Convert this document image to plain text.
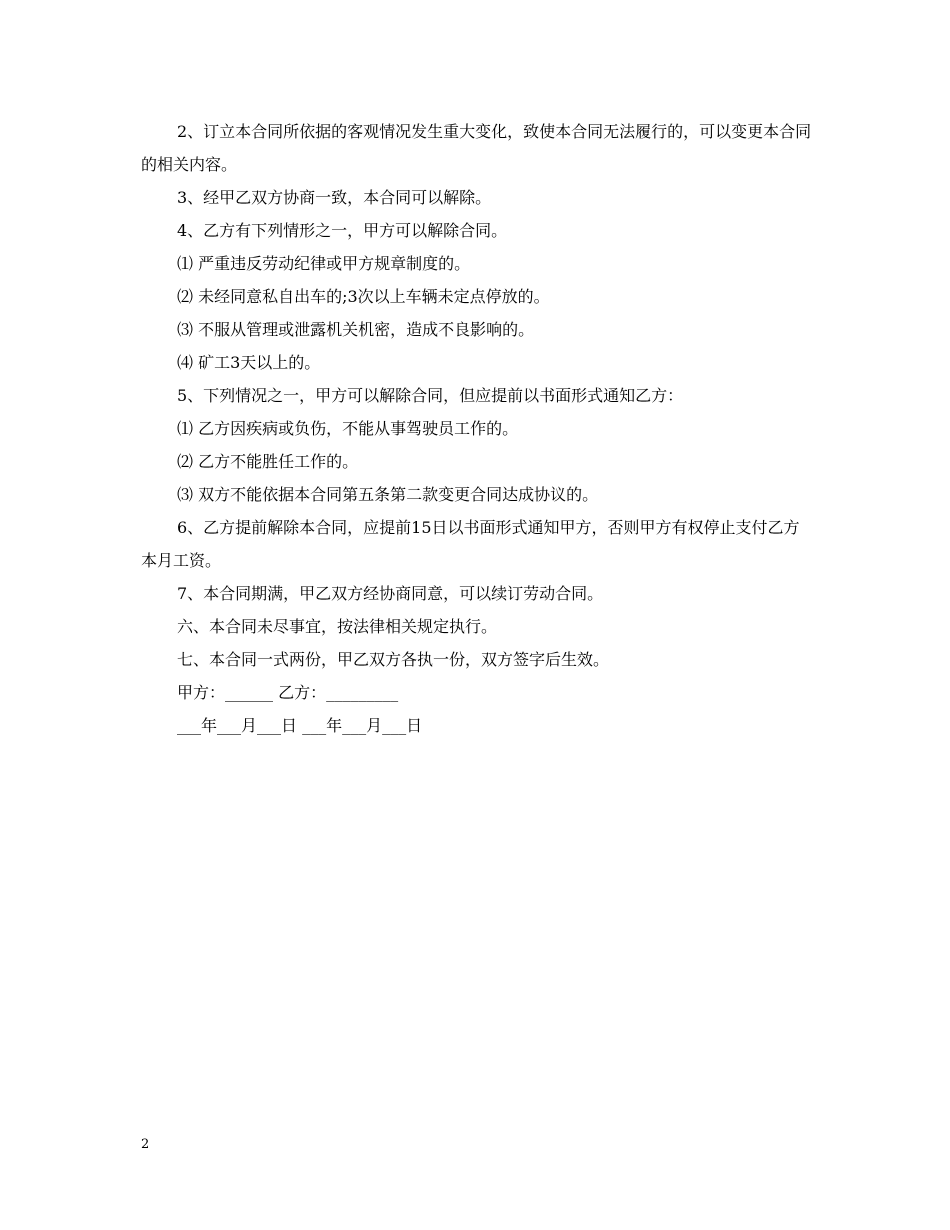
2、订立本合同所依据的客观情况发生重大变化，致使本合同无法履行的，可以变更本合同的相关内容。

3、经甲乙双方协商一致，本合同可以解除。

4、乙方有下列情形之一，甲方可以解除合同。

⑴ 严重违反劳动纪律或甲方规章制度的。

⑵ 未经同意私自出车的;3次以上车辆未定点停放的。

⑶ 不服从管理或泄露机关机密，造成不良影响的。

⑷ 矿工3天以上的。

5、下列情况之一，甲方可以解除合同，但应提前以书面形式通知乙方：

⑴ 乙方因疾病或负伤，不能从事驾驶员工作的。

⑵ 乙方不能胜任工作的。

⑶ 双方不能依据本合同第五条第二款变更合同达成协议的。

6、乙方提前解除本合同，应提前15日以书面形式通知甲方，否则甲方有权停止支付乙方本月工资。

7、本合同期满，甲乙双方经协商同意，可以续订劳动合同。

六、本合同未尽事宜，按法律相关规定执行。

七、本合同一式两份，甲乙双方各执一份，双方签字后生效。

甲方：______ 乙方：_________

___年___月___日 ___年___月___日

2
